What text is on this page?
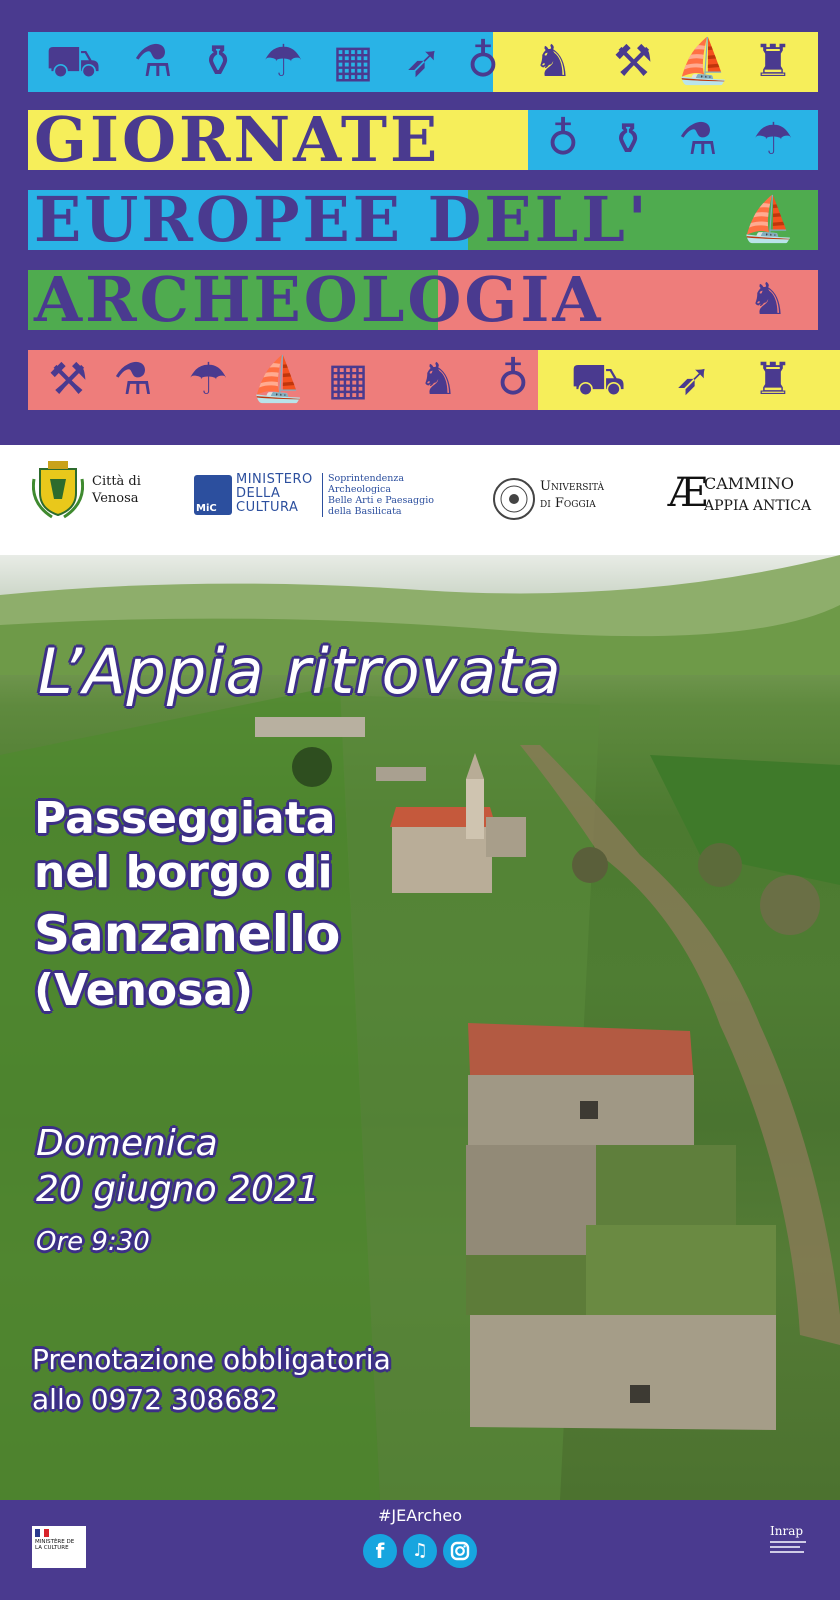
⛟ ⚗ ⚱ ☂ ▦ ➶ ♁ ♞ ⚒ ⛵ ♜
GIORNATE ♁ ⚱ ⚗ ☂
EUROPEE DELL' ⛵
ARCHEOLOGIA	♞
⚒ ⚗ ☂ ⛵ ▦	♞ ♁ ⛟	➶ ♜
Città di
Venosa
MiC
MINISTERO
DELLA
CULTURA
Soprintendenza
Archeologica
Belle Arti e Paesaggio
della Basilicata
Università
di Foggia Æ
CAMMINO
APPIA ANTICA
L’Appia ritrovata
Passeggiata
nel borgo di
Sanzanello
(Venosa)
Domenica
20 giugno 2021
Ore 9:30
Prenotazione obbligatoria
allo 0972 308682
MINISTÈRE DE LA CULTURE
#JEArcheo
f	♫
Inrap
